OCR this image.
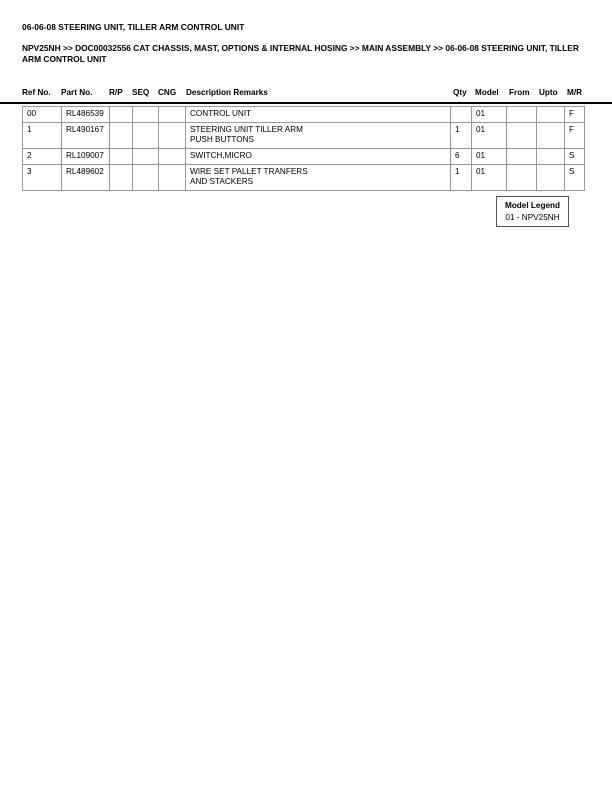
06-06-08 STEERING UNIT, TILLER ARM CONTROL UNIT
NPV25NH >> DOC00032556 CAT CHASSIS, MAST, OPTIONS & INTERNAL HOSING >> MAIN ASSEMBLY >> 06-06-08 STEERING UNIT, TILLER ARM CONTROL UNIT
Ref No. Part No. R/P SEQ CNG Description Remarks	Qty Model From Upto M/R
00	RL486539				CONTROL UNIT		01			F
1	RL490167				STEERING UNIT TILLER ARM
PUSH BUTTONS	1	01			F
2	RL109007				SWITCH,MICRO	6	01			S
3	RL489602				WIRE SET PALLET TRANFERS
AND STACKERS	1	01			S
Model Legend
01 - NPV25NH
